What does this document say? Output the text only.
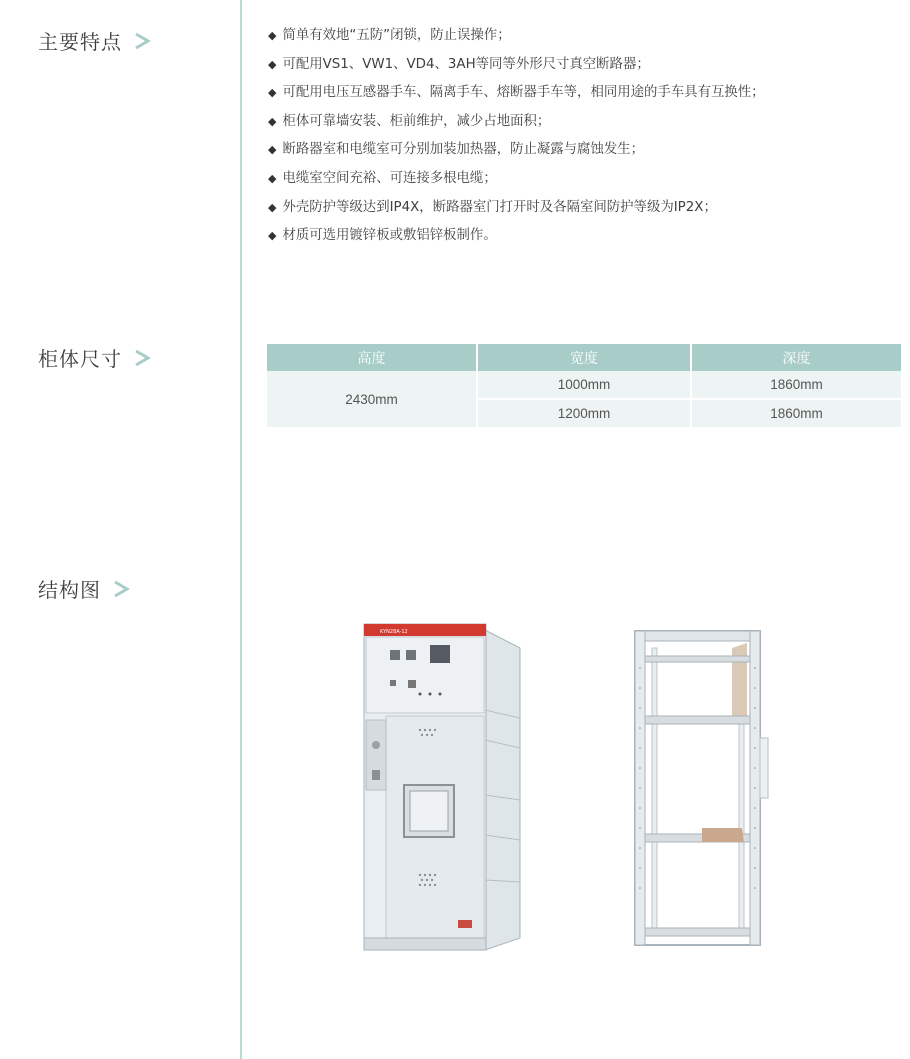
主要特点	◆ 简单有效地“五防”闭锁，防止误操作；
◆ 可配用VS1、VW1、VD4、3AH等同等外形尺寸真空断路器；
◆ 可配用电压互感器手车、隔离手车、熔断器手车等，相同用途的手车具有互换性；
◆ 柜体可靠墙安装、柜前维护，减少占地面积；
◆ 断路器室和电缆室可分别加装加热器，防止凝露与腐蚀发生；
◆ 电缆室空间充裕、可连接多根电缆；
◆ 外壳防护等级达到IP4X，断路器室门打开时及各隔室间防护等级为IP2X；
◆ 材质可选用镀锌板或敷铝锌板制作。
柜体尺寸	高度	宽度	深度
2430mm	1000mm	1860mm
	1200mm	1860mm
结构图
KYN28A-12
